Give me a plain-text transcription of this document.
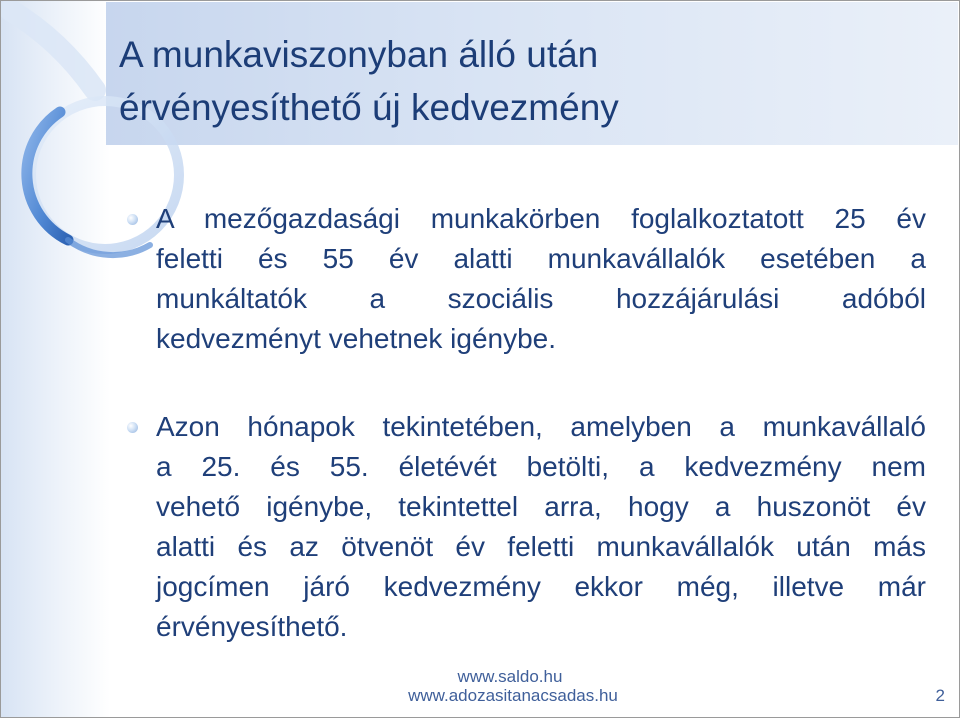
A munkaviszonyban álló után
érvényesíthető új kedvezmény
A mezőgazdasági munkakörben foglalkoztatott 25 év
feletti és 55 év alatti munkavállalók esetében a
munkáltatók a szociális hozzájárulási adóból
kedvezményt vehetnek igénybe.
Azon hónapok tekintetében, amelyben a munkavállaló
a 25. és 55. életévét betölti, a kedvezmény nem
vehető igénybe, tekintettel arra, hogy a huszonöt év
alatti és az ötvenöt év feletti munkavállalók után más
jogcímen járó kedvezmény ekkor még, illetve már
érvényesíthető.
www.saldo.hu
www.adozasitanacsadas.hu	2
